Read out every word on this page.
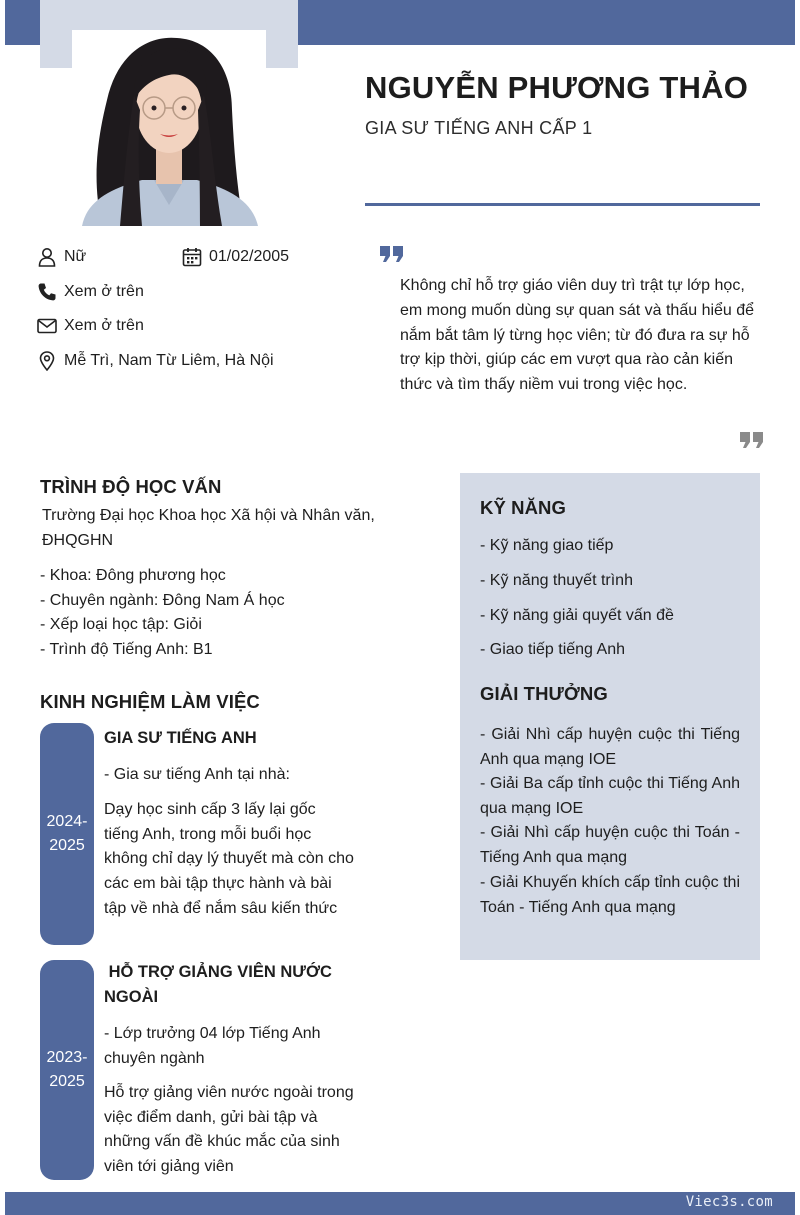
NGUYỄN PHƯƠNG THẢO
GIA SƯ TIẾNG ANH CẤP 1
Nữ	01/02/2005
Xem ở trên
Xem ở trên
Mễ Trì, Nam Từ Liêm, Hà Nội
Không chỉ hỗ trợ giáo viên duy trì trật tự lớp học, em mong muốn dùng sự quan sát và thấu hiểu để nắm bắt tâm lý từng học viên; từ đó đưa ra sự hỗ trợ kịp thời, giúp các em vượt qua rào cản kiến thức và tìm thấy niềm vui trong việc học.
TRÌNH ĐỘ HỌC VẤN
Trường Đại học Khoa học Xã hội và Nhân văn, ĐHQGHN
- Khoa: Đông phương học
- Chuyên ngành: Đông Nam Á học
- Xếp loại học tập: Giỏi
- Trình độ Tiếng Anh: B1
KINH NGHIỆM LÀM VIỆC
2024-
2025
GIA SƯ TIẾNG ANH
- Gia sư tiếng Anh tại nhà:
Dạy học sinh cấp 3 lấy lại gốc tiếng Anh, trong mỗi buổi học không chỉ dạy lý thuyết mà còn cho các em bài tập thực hành và bài tập về nhà để nắm sâu kiến thức
2023-
2025
HỖ TRỢ GIẢNG VIÊN NƯỚC NGOÀI
- Lớp trưởng 04 lớp Tiếng Anh chuyên ngành
Hỗ trợ giảng viên nước ngoài trong việc điểm danh, gửi bài tập và những vấn đề khúc mắc của sinh viên tới giảng viên
KỸ NĂNG
- Kỹ năng giao tiếp
- Kỹ năng thuyết trình
- Kỹ năng giải quyết vấn đề
- Giao tiếp tiếng Anh
GIẢI THƯỞNG
- Giải Nhì cấp huyện cuộc thi Tiếng Anh qua mạng IOE
- Giải Ba cấp tỉnh cuộc thi Tiếng Anh qua mạng IOE
- Giải Nhì cấp huyện cuộc thi Toán - Tiếng Anh qua mạng
- Giải Khuyến khích cấp tỉnh cuộc thi Toán - Tiếng Anh qua mạng
Viec3s.com
